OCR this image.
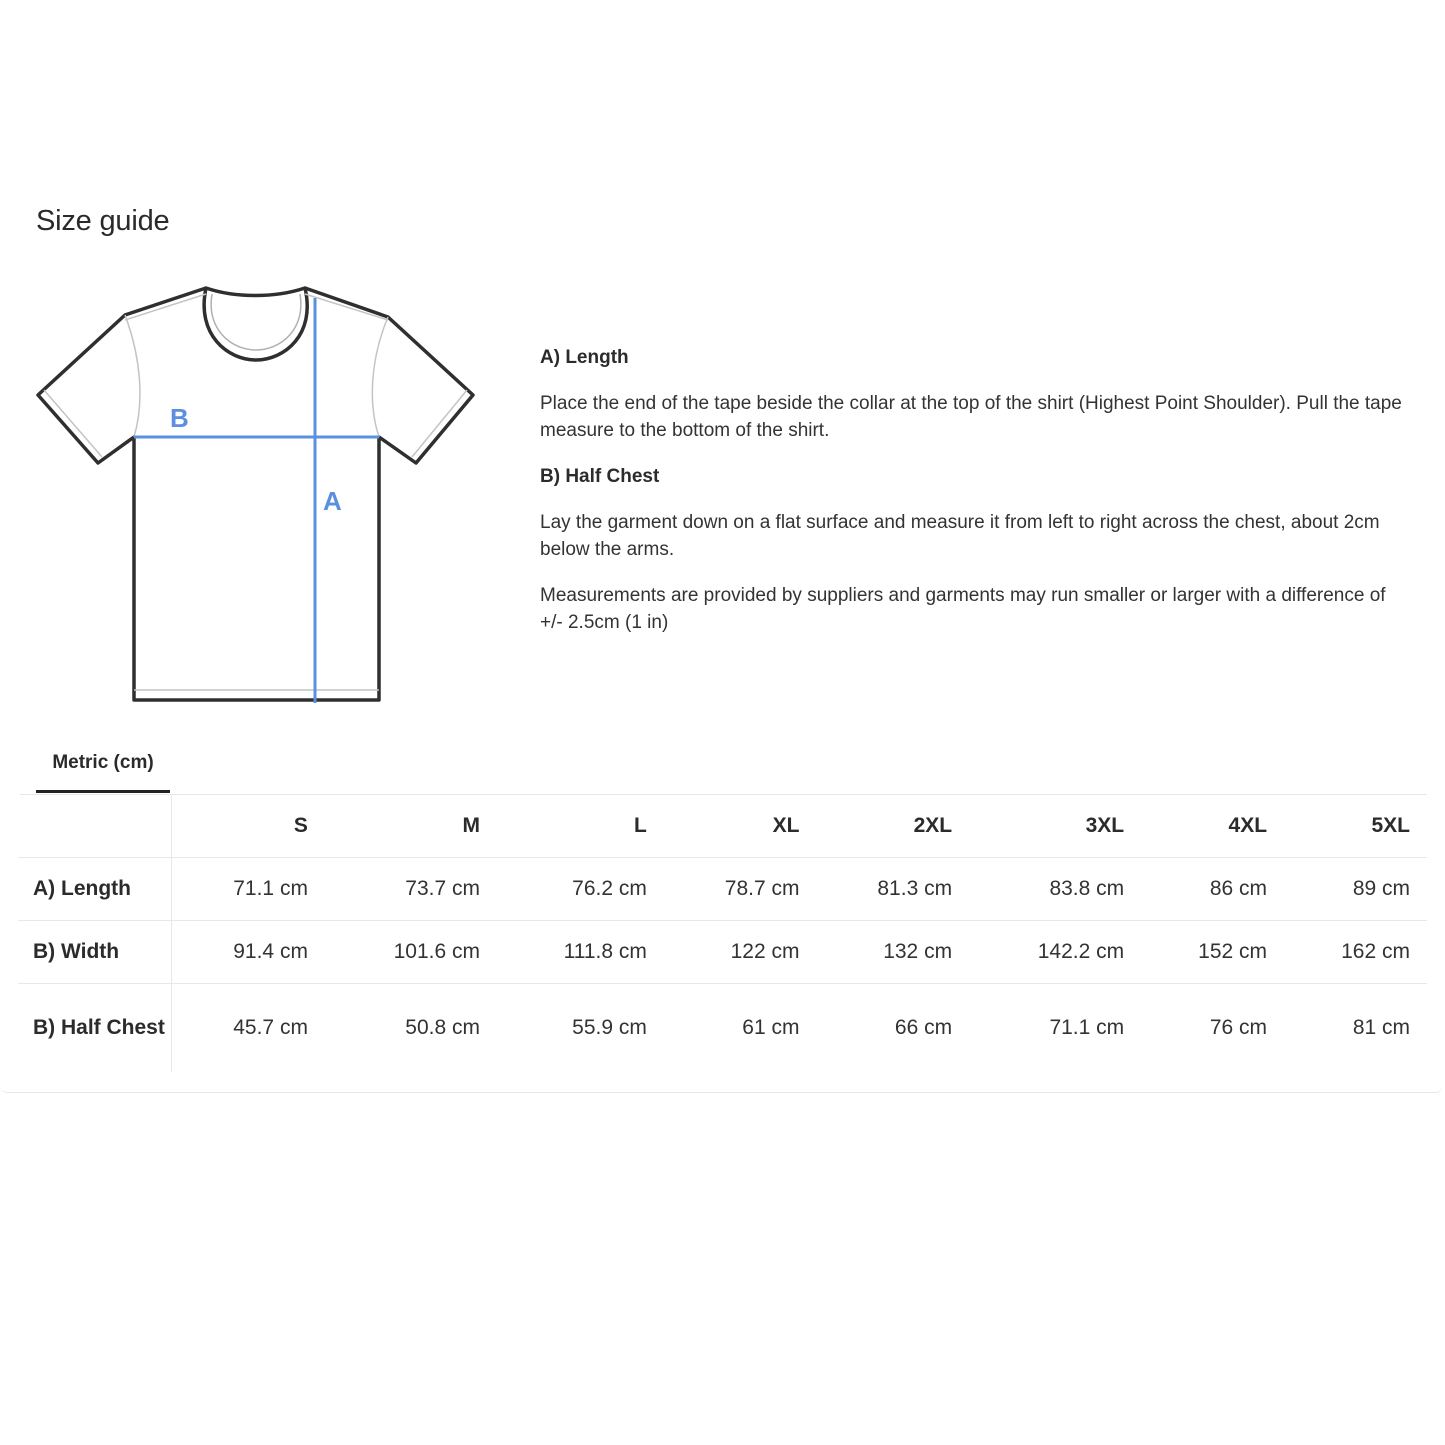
Size guide
B
A
A) Length
Place the end of the tape beside the collar at the top of the shirt (Highest Point Shoulder). Pull the tape measure to the bottom of the shirt.
B) Half Chest
Lay the garment down on a flat surface and measure it from left to right across the chest, about 2cm below the arms.
Measurements are provided by suppliers and garments may run smaller or larger with a difference of +/- 2.5cm (1 in)
Metric (cm)
	S	M	L	XL	2XL	3XL	4XL	5XL
A) Length	71.1 cm	73.7 cm	76.2 cm	78.7 cm	81.3 cm	83.8 cm	86 cm	89 cm
B) Width	91.4 cm	101.6 cm	111.8 cm	122 cm	132 cm	142.2 cm	152 cm	162 cm
B) Half Chest	45.7 cm	50.8 cm	55.9 cm	61 cm	66 cm	71.1 cm	76 cm	81 cm
